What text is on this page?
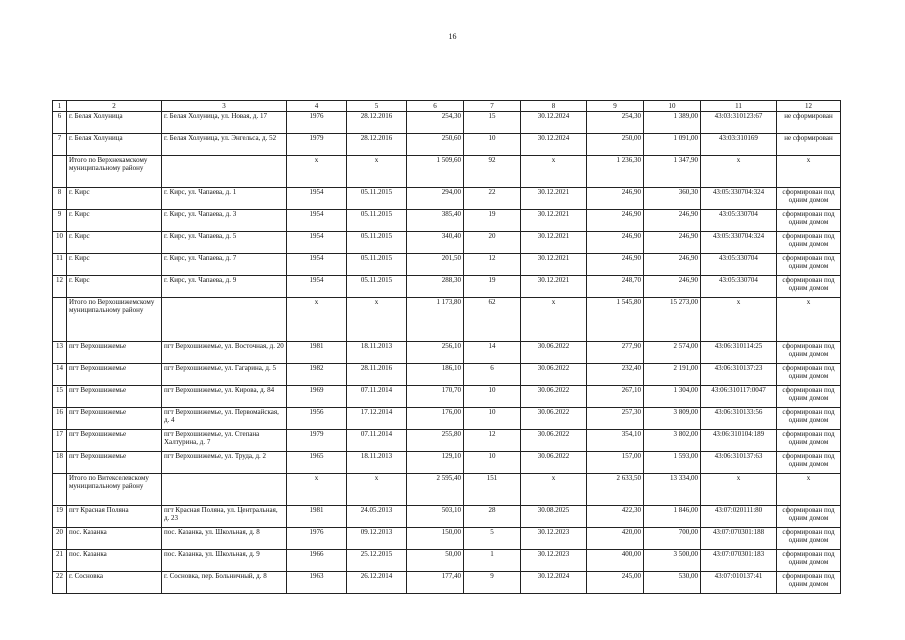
16
1	2	3	4	5	6	7	8	9	10	11	12
6	г. Белая Холуница	г. Белая Холуница, ул. Новая, д. 17	1976	28.12.2016	254,30	15	30.12.2024	254,30	1 389,00	43:03:310123:67	не сформирован
7	г. Белая Холуница	г. Белая Холуница, ул. Энгельса, д. 52	1979	28.12.2016	250,60	10	30.12.2024	250,00	1 091,00	43:03:310169	не сформирован
	Итого по Верхнекамскому муниципальному району		x	x	1 509,60	92	x	1 236,30	1 347,90	x	x
8	г. Кирс	г. Кирс, ул. Чапаева, д. 1	1954	05.11.2015	294,00	22	30.12.2021	246,90	360,30	43:05:330704:324	сформирован под одним домом
9	г. Кирс	г. Кирс, ул. Чапаева, д. 3	1954	05.11.2015	385,40	19	30.12.2021	246,90	246,90	43:05:330704	сформирован под одним домом
10	г. Кирс	г. Кирс, ул. Чапаева, д. 5	1954	05.11.2015	340,40	20	30.12.2021	246,90	246,90	43:05:330704:324	сформирован под одним домом
11	г. Кирс	г. Кирс, ул. Чапаева, д. 7	1954	05.11.2015	201,50	12	30.12.2021	246,90	246,90	43:05:330704	сформирован под одним домом
12	г. Кирс	г. Кирс, ул. Чапаева, д. 9	1954	05.11.2015	288,30	19	30.12.2021	248,70	246,90	43:05:330704	сформирован под одним домом
	Итого по Верхошижемскому муниципальному району		x	x	1 173,80	62	x	1 545,80	15 273,00	x	x
13	пгт Верхошижемье	пгт Верхошижемье, ул. Восточная, д. 20	1981	18.11.2013	256,10	14	30.06.2022	277,90	2 574,00	43:06:310114:25	сформирован под одним домом
14	пгт Верхошижемье	пгт Верхошижемье, ул. Гагарина, д. 5	1982	28.11.2016	186,10	6	30.06.2022	232,40	2 191,00	43:06:310137:23	сформирован под одним домом
15	пгт Верхошижемье	пгт Верхошижемье, ул. Кирова, д. 84	1969	07.11.2014	170,70	10	30.06.2022	267,10	1 304,00	43:06:310117:0047	сформирован под одним домом
16	пгт Верхошижемье	пгт Верхошижемье, ул. Первомайская, д. 4	1956	17.12.2014	176,00	10	30.06.2022	257,30	3 809,00	43:06:310133:56	сформирован под одним домом
17	пгт Верхошижемье	пгт Верхошижемье, ул. Степана Халтурина, д. 7	1979	07.11.2014	255,80	12	30.06.2022	354,10	3 802,00	43:06:310104:189	сформирован под одним домом
18	пгт Верхошижемье	пгт Верхошижемье, ул. Труда, д. 2	1965	18.11.2013	129,10	10	30.06.2022	157,00	1 593,00	43:06:310137:63	сформирован под одним домом
	Итого по Витекселевскому муниципальному району		x	x	2 595,40	151	x	2 633,50	13 334,00	x	x
19	пгт Красная Поляна	пгт Красная Поляна, ул. Центральная, д. 23	1981	24.05.2013	503,10	28	30.08.2025	422,30	1 846,00	43:07:020111:80	сформирован под одним домом
20	пос. Казанка	пос. Казанка, ул. Школьная, д. 8	1976	09.12.2013	150,00	5	30.12.2023	420,00	700,00	43:07:070301:188	сформирован под одним домом
21	пос. Казанка	пос. Казанка, ул. Школьная, д. 9	1966	25.12.2015	50,00	1	30.12.2023	400,00	3 500,00	43:07:070301:183	сформирован под одним домом
22	г. Сосновка	г. Сосновка, пер. Больничный, д. 8	1963	26.12.2014	177,40	9	30.12.2024	245,00	530,00	43:07:010137:41	сформирован под одним домом
